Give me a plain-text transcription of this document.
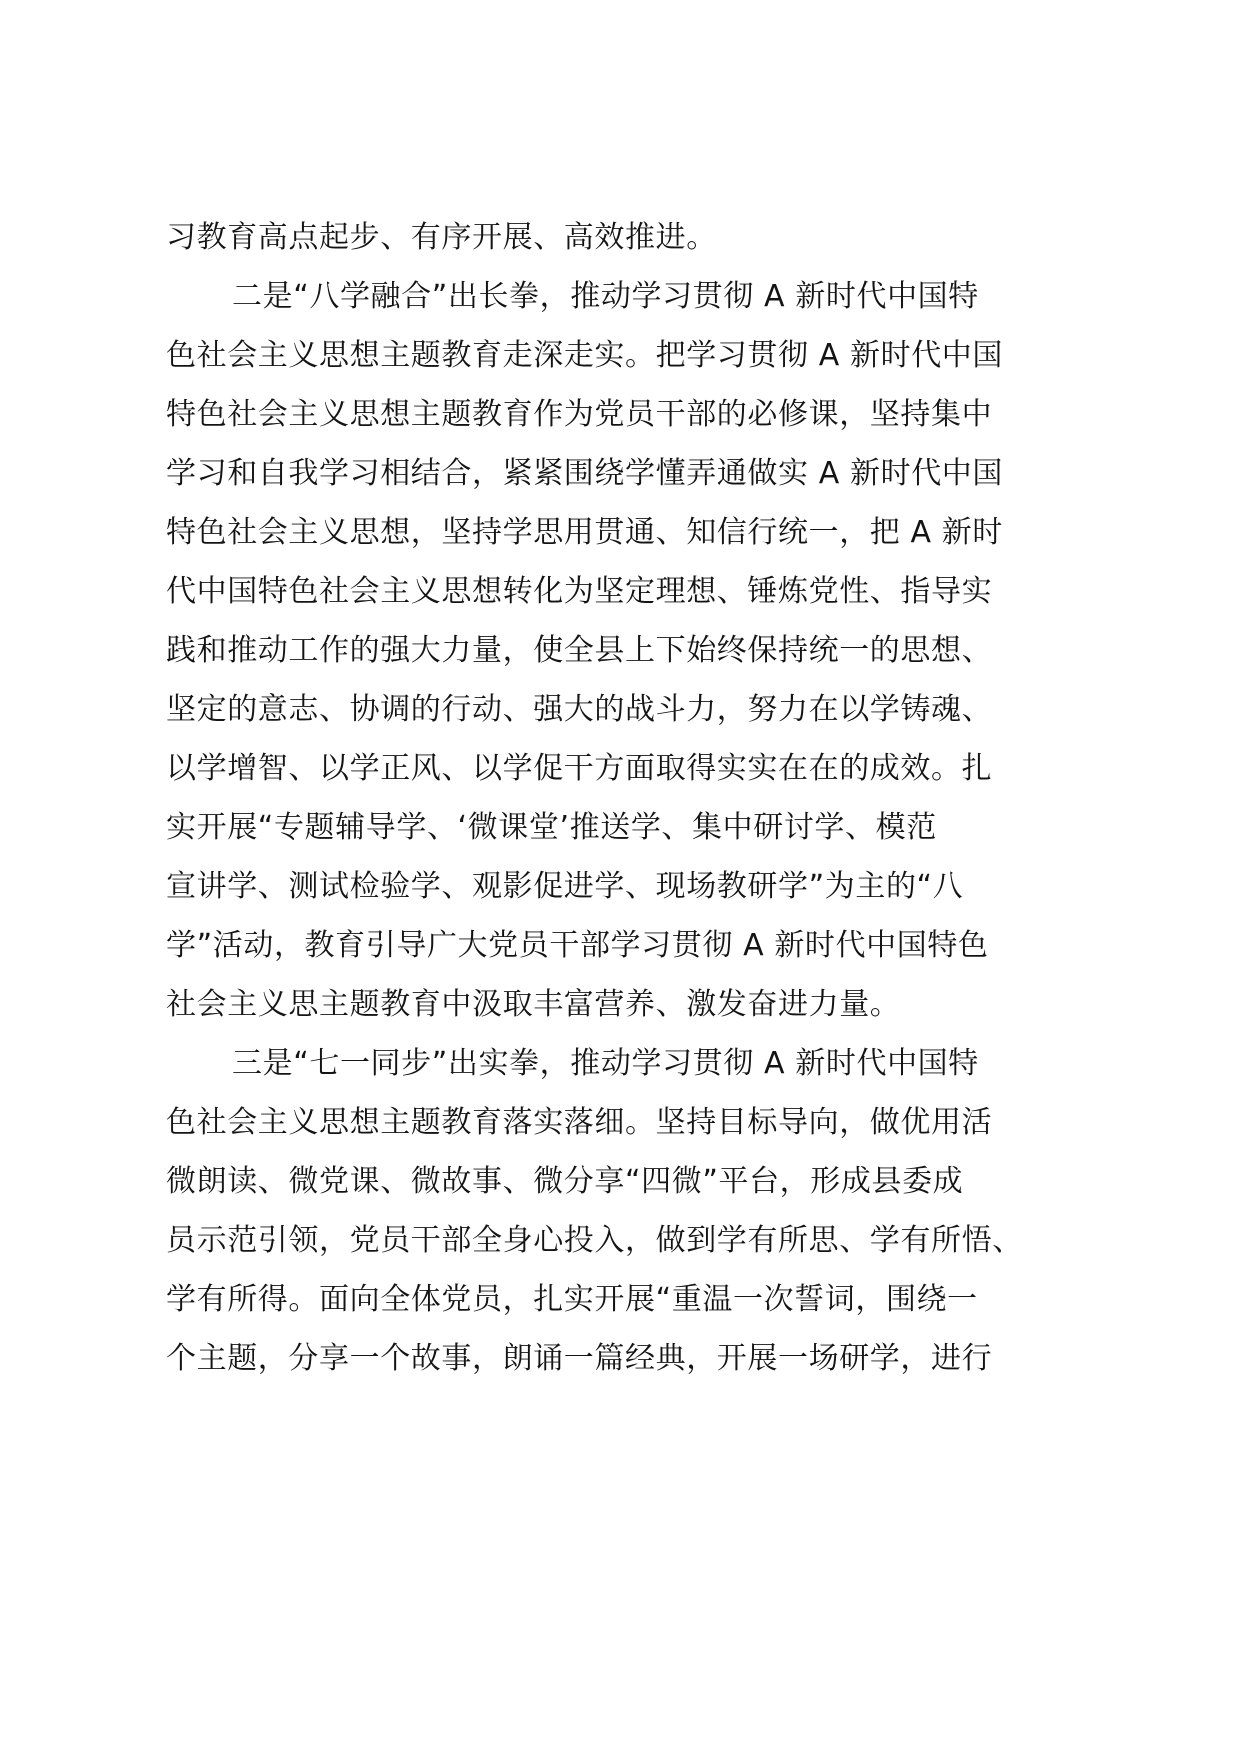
习教育高点起步、有序开展、高效推进。
二是“八学融合”出长拳，推动学习贯彻 A 新时代中国特
色社会主义思想主题教育走深走实。把学习贯彻 A 新时代中国
特色社会主义思想主题教育作为党员干部的必修课，坚持集中
学习和自我学习相结合，紧紧围绕学懂弄通做实 A 新时代中国
特色社会主义思想，坚持学思用贯通、知信行统一，把 A 新时
代中国特色社会主义思想转化为坚定理想、锤炼党性、指导实
践和推动工作的强大力量，使全县上下始终保持统一的思想、
坚定的意志、协调的行动、强大的战斗力，努力在以学铸魂、
以学增智、以学正风、以学促干方面取得实实在在的成效。扎
实开展“专题辅导学、‘微课堂’推送学、集中研讨学、模范
宣讲学、测试检验学、观影促进学、现场教研学”为主的“八
学”活动，教育引导广大党员干部学习贯彻 A 新时代中国特色
社会主义思主题教育中汲取丰富营养、激发奋进力量。
三是“七一同步”出实拳，推动学习贯彻 A 新时代中国特
色社会主义思想主题教育落实落细。坚持目标导向，做优用活
微朗读、微党课、微故事、微分享“四微”平台，形成县委成
员示范引领，党员干部全身心投入，做到学有所思、学有所悟、
学有所得。面向全体党员，扎实开展“重温一次誓词，围绕一
个主题，分享一个故事，朗诵一篇经典，开展一场研学，进行
